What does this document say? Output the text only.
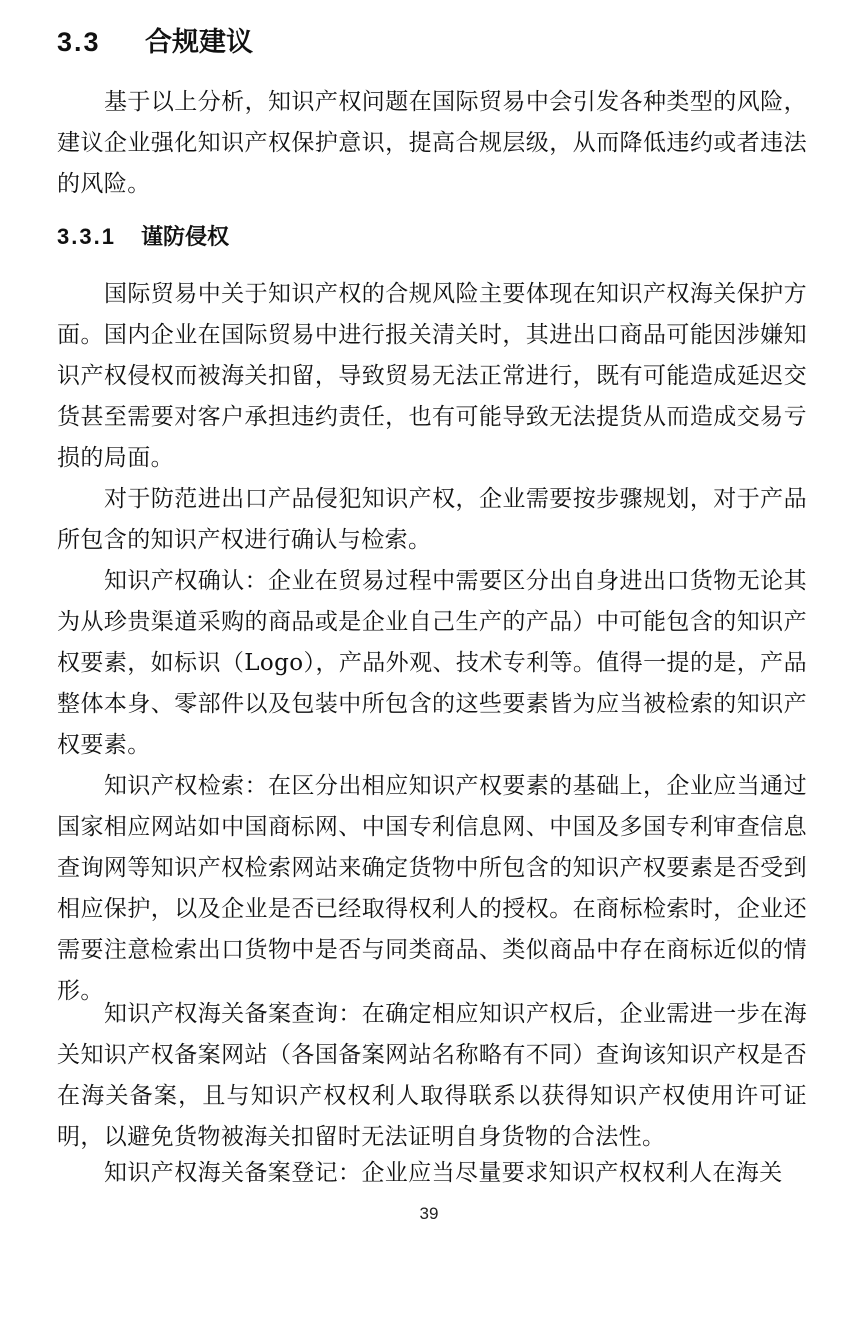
3.3 合规建议

基于以上分析，知识产权问题在国际贸易中会引发各种类型的风险，建议企业强化知识产权保护意识，提高合规层级，从而降低违约或者违法的风险。

3.3.1 谨防侵权

国际贸易中关于知识产权的合规风险主要体现在知识产权海关保护方面。国内企业在国际贸易中进行报关清关时，其进出口商品可能因涉嫌知识产权侵权而被海关扣留，导致贸易无法正常进行，既有可能造成延迟交货甚至需要对客户承担违约责任，也有可能导致无法提货从而造成交易亏损的局面。

对于防范进出口产品侵犯知识产权，企业需要按步骤规划，对于产品所包含的知识产权进行确认与检索。

知识产权确认：企业在贸易过程中需要区分出自身进出口货物无论其为从珍贵渠道采购的商品或是企业自己生产的产品）中可能包含的知识产权要素，如标识（Logo），产品外观、技术专利等。值得一提的是，产品整体本身、零部件以及包装中所包含的这些要素皆为应当被检索的知识产权要素。

知识产权检索：在区分出相应知识产权要素的基础上，企业应当通过国家相应网站如中国商标网、中国专利信息网、中国及多国专利审查信息查询网等知识产权检索网站来确定货物中所包含的知识产权要素是否受到相应保护，以及企业是否已经取得权利人的授权。在商标检索时，企业还需要注意检索出口货物中是否与同类商品、类似商品中存在商标近似的情形。

知识产权海关备案查询：在确定相应知识产权后，企业需进一步在海关知识产权备案网站（各国备案网站名称略有不同）查询该知识产权是否在海关备案，且与知识产权权利人取得联系以获得知识产权使用许可证明，以避免货物被海关扣留时无法证明自身货物的合法性。

知识产权海关备案登记：企业应当尽量要求知识产权权利人在海关

39
